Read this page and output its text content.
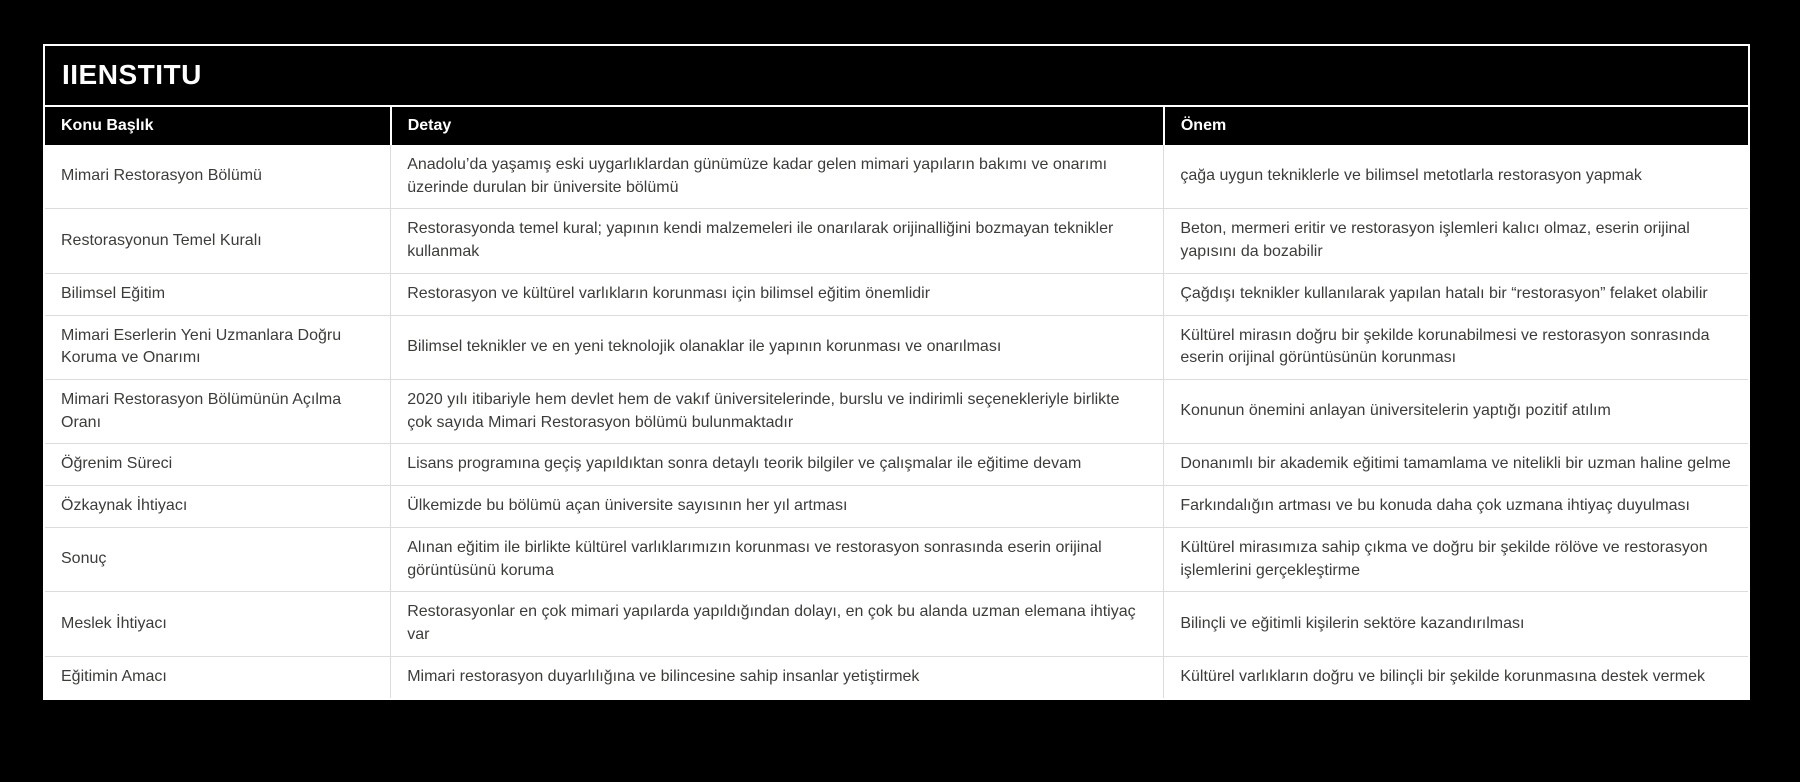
IIENSTITU
Konu Başlık	Detay	Önem
Mimari Restorasyon Bölümü	Anadolu’da yaşamış eski uygarlıklardan günümüze kadar gelen mimari yapıların bakımı ve onarımı üzerinde durulan bir üniversite bölümü	çağa uygun tekniklerle ve bilimsel metotlarla restorasyon yapmak
Restorasyonun Temel Kuralı	Restorasyonda temel kural; yapının kendi malzemeleri ile onarılarak orijinalliğini bozmayan teknikler kullanmak	Beton, mermeri eritir ve restorasyon işlemleri kalıcı olmaz, eserin orijinal yapısını da bozabilir
Bilimsel Eğitim	Restorasyon ve kültürel varlıkların korunması için bilimsel eğitim önemlidir	Çağdışı teknikler kullanılarak yapılan hatalı bir “restorasyon” felaket olabilir
Mimari Eserlerin Yeni Uzmanlara Doğru Koruma ve Onarımı	Bilimsel teknikler ve en yeni teknolojik olanaklar ile yapının korunması ve onarılması	Kültürel mirasın doğru bir şekilde korunabilmesi ve restorasyon sonrasında eserin orijinal görüntüsünün korunması
Mimari Restorasyon Bölümünün Açılma Oranı	2020 yılı itibariyle hem devlet hem de vakıf üniversitelerinde, burslu ve indirimli seçenekleriyle birlikte çok sayıda Mimari Restorasyon bölümü bulunmaktadır	Konunun önemini anlayan üniversitelerin yaptığı pozitif atılım
Öğrenim Süreci	Lisans programına geçiş yapıldıktan sonra detaylı teorik bilgiler ve çalışmalar ile eğitime devam	Donanımlı bir akademik eğitimi tamamlama ve nitelikli bir uzman haline gelme
Özkaynak İhtiyacı	Ülkemizde bu bölümü açan üniversite sayısının her yıl artması	Farkındalığın artması ve bu konuda daha çok uzmana ihtiyaç duyulması
Sonuç	Alınan eğitim ile birlikte kültürel varlıklarımızın korunması ve restorasyon sonrasında eserin orijinal görüntüsünü koruma	Kültürel mirasımıza sahip çıkma ve doğru bir şekilde rölöve ve restorasyon işlemlerini gerçekleştirme
Meslek İhtiyacı	Restorasyonlar en çok mimari yapılarda yapıldığından dolayı, en çok bu alanda uzman elemana ihtiyaç var	Bilinçli ve eğitimli kişilerin sektöre kazandırılması
Eğitimin Amacı	Mimari restorasyon duyarlılığına ve bilincesine sahip insanlar yetiştirmek	Kültürel varlıkların doğru ve bilinçli bir şekilde korunmasına destek vermek
